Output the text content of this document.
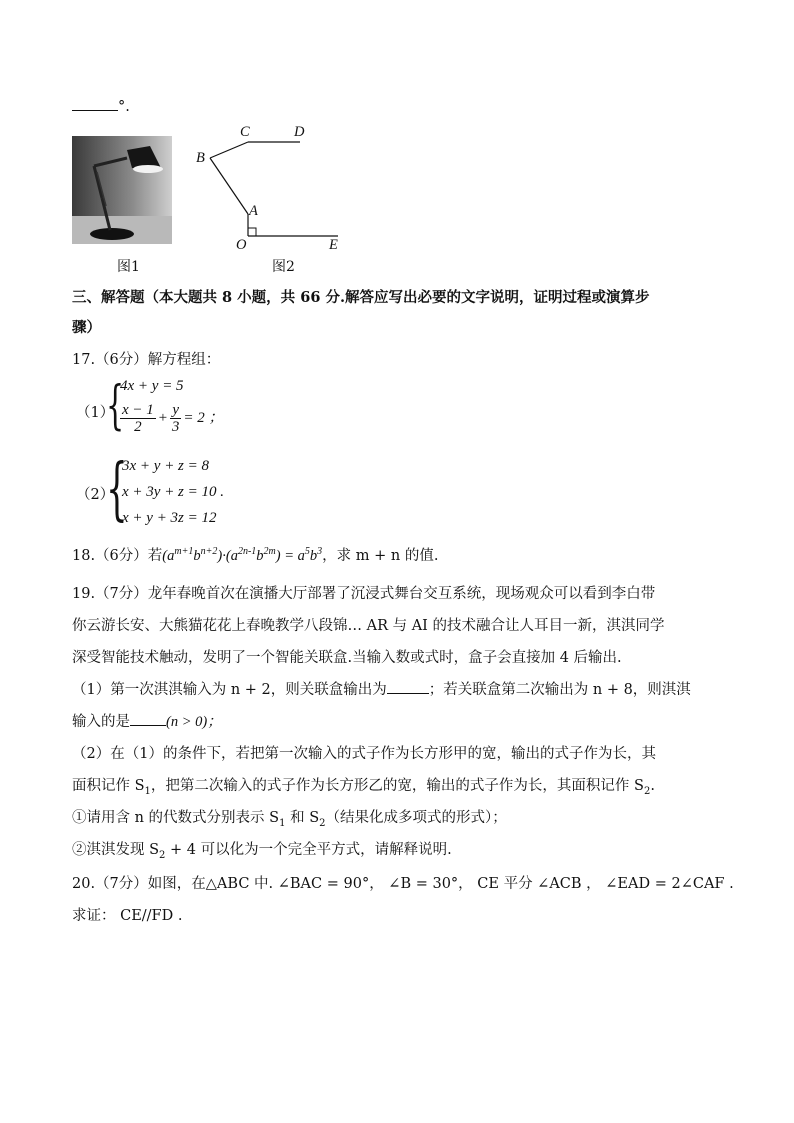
°.
图1
C	D
B
A
O	E
图2
三、解答题（本大题共 8 小题，共 66 分.解答应写出必要的文字说明，证明过程或演算步
骤）
17.（6分）解方程组：
（1）
{
4x + y = 5
$\frac{x - 1}{2} + \frac{y}{3} = 2$ ；
（2）
{
3x + y + z = 8
x + 3y + z = 10 .
x + y + 3z = 12
18.（6分）若$(a^{m+1}b^{n+2})\cdot(a^{2n-1}b^{2m}) = a^5b^3$，求 m + n 的值.
19.（7分）龙年春晚首次在演播大厅部署了沉浸式舞台交互系统，现场观众可以看到李白带
你云游长安、大熊猫花花上春晚教学八段锦… AR 与 AI 的技术融合让人耳目一新，淇淇同学
深受智能技术触动，发明了一个智能关联盒.当输入数或式时，盒子会直接加 4 后输出.
（1）第一次淇淇输入为 n + 2，则关联盒输出为	；若关联盒第二次输出为 n + 8，则淇淇
输入的是 (n > 0)；
（2）在（1）的条件下，若把第一次输入的式子作为长方形甲的宽，输出的式子作为长，其
面积记作 $S_1$，把第二次输入的式子作为长方形乙的宽，输出的式子作为长，其面积记作 $S_2$.
①请用含 n 的代数式分别表示 $S_1$ 和 $S_2$（结果化成多项式的形式）；
②淇淇发现 $S_2 + 4$ 可以化为一个完全平方式，请解释说明.
20.（7分）如图，在△ABC 中. ∠BAC = 90°， ∠B = 30°， CE 平分 ∠ACB ， ∠EAD = 2∠CAF .
求证： CE//FD .
